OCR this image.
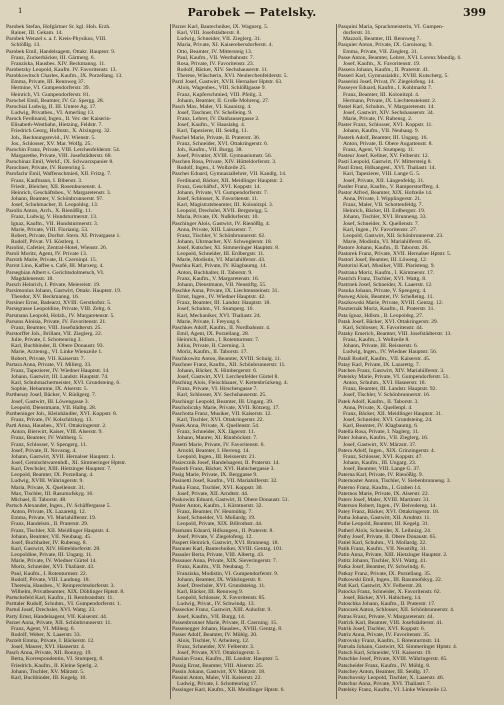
1	Parobek — Patelsky.	399
Parobek Stefan, Hofgärtner Sr. kgl. Hoh. Erzh.
Rainer, III. Gekam. 14.
Parobek Wenzel s. a. f. Kreis-Physikus, VIII.
Schlößlg. 13.
Parobek Emil, Handelsagent, Ottakr. Hauptstr. 9.
Franz, Zuckerbäcker, III. Gärtnerg. 6.
Franziska, Hausbes. XIV. Beckmanng. 11.
Parobetzky Leopold, Kaufm. IV. Favoritenstr. 13.
Parobkowitsch Charles, Kaufm., IX. Porzellang. 13.
Emma, Private, III. Rennweg 37.
Hermine, VI. Gumpendorferstr. 39.
Heinrich, VI. Gumpendorferstr. 81.
Parochel Emil, Beamter, IV. Gr. Spergg. 28.
Parochial Ludwig, II. III. Untere Ag. 17.
Ludwig, Privatbes., VI. Amerling 13.
Parock Ferdinand, Ingen., II. Ver. der Kaiserin-
Elisabeth-Westbahn, Hietzing, Feldstr. 7.
Friedrich Georg, Hofmstr., X. Alxingerg. 32.
Joh., Rechnungsrevid., IV. Wienstr. 5.
Jos., Schlosser, XV. Mar. Wolfg. 25.
Parochin Franz, Private, VIII. Lerchenfelderstr. 54.
Margarethe, Private, VIII. Josefstädterstr. 68.
Parochinaz Emil, Werkf., IX. Schwarzspanier 8.
Parochner, Private, IV. Rotenring 5.
Parofachr Emil, Waffenschmied, XII. Fritzg. 7.
Franz, Kaufmann, I. Biberstr. 3.
Friedr., Bleicher, XII. Rosenbursenstr. 4.
Heinrich, Geschäftsbes., V. Margaretenstr. 3.
Johann, Beamter, V. Schönbrunnerstr. 97.
Josef, Schuhmacher, II. Leopoldsg. 13.
Parolin Anton, Arch., X. Rienößlg. 11.
Franz, Ludwig, V. Hundsturmerstr. 13.
Ignaz, Kaufm., VII. Hundsturmerstr. 3.
Marie, Private, VIII. Florianig. 53.
Robert, Private, Dorfstr. Stern. XI. Privatgasse 1.
Rudolf, Privat. VI. Köstlerg. 1.
Parolini, Cafetier, Zentral-Hotel, Wienstr. 26.
Paroli Moritz, Agent, IV. Private 13.
Parroth Marie, Private, II. Czerninpl. 15.
Parrot Lino, Kaffee s. Café, III. Marxerg. 4.
Parseghian Albert s. Gerichtsdolmetsch, VI.
Magdalenenstr. 18.
Parsch Heinrich, I. Private, Meiereistr. 19.
Parsimonius Johann, Gastwirt, Ottakr. Hauptstr. 19.
Theodor, XV. Beckmanng. 16.
Parsiner Ernst, Badearzt, XVIII. Gersthofstr. 5.
Parsegrasse Leopoldine, Private, VIII. Zeltg. 6.
Parsmann Leopold, Holzh., IV. Margaretenstr. 5.
Parsons Aloisia, Private, IV. Favoritenstr. 21.
Franz, Beamter, VIII. Josefstädterstr. 25.
Parstorffer Joh., Brillant, VII. Zieglerg. 22.
Julie, Private, I. Schottenring 3.
Karl, Buchbinder, II. Obere Donaustr. 93.
Marie, Ärztensg., VI. Linke Wienzeile 1.
Robert, Private, VII. Kaiserstr. 7.
Partara Anna, Private, VI. Millerg. 33.
Franz, Tapezierer, IV. Wiedner Hauptstr. 14.
Johann, Gastwirt, III. Landstr. Hauptstr. 74.
Karl, Schuhmachermeister, XVI. Grundsteing. 6.
Sophie, Hebamme, IX. Alserstr. 5.
Parthenay Josef, Bäcker, V. Rüdigerg. 7.
Josef, Gastwirt, III. Löwengasse 3.
Leopold, Dienstmann, VII. Halbg. 28.
Partheninger Joh., Kleinhändler, XVI. Koppstr. 8.
Franz, Private, IV. Kolschitzkyg. 13.
Partl Anna, Hausbes., XVI. Ottakringerstr. 2.
Anton, Bierwirt, Kaiser, VIII. Alserstr. 9.
Franz, Beamter, IV. Waltherg. 5.
Franz, Schlosser, V. Spengerg. 11.
Josef, Private, II. Novarag. 4.
Johann, Gastwirt, XVII. Hernalser Hauptstr. 1.
Josef, Gemischtwarenhdl., XI. Simmeringer Hptstr.
Karl, Drechsler, XIII. Hietzinger Hauptstr. 7.
Leopold, Beamter, IX. Porzellang. 4.
Ludwig, XVIII. Währingerstr. 9.
Maria, Private, X. Quellenstr. 31.
Max, Tischler, III. Rasumofskyg. 16.
Michael, II. Taborstr. 48.
Partsch Alexander, Ingen., IV. Schäffergasse 5.
Anton, Private, IX. Lazarettg. 12.
Emma, Private, VI. Mariahilferstr. 19.
Franz, Handelsm., II. Praterstr. 29.
Franz, Tischler, XII. Meidlinger Hauptstr. 4.
Johann, Beamter, VII. Neubaug. 45.
Josef, Buchhalter, IV. Rubensg. 8.
Karl, Gastwirt, XIV. Hütteldorferstr. 28.
Leopoldine, Private, III. Ungarg. 11.
Marie, Private, IV. Wiedner Gürtel 14.
Moriz, Schneider, XVI. Thaliastr. 43.
Paul, Kaufm., I. Rotenturmstr. 22.
Rudolf, Private, VIII. Laudong. 18.
Theresia, Hausbes., V. Reinprechtsdorferstr. 3.
Wilhelm, Privatbeamter, XIX. Döblinger Hptstr. 8.
Partschefeld Karl, Kaufm., II. Rembrandtstr. 11.
Parttaler Rudolf, Schuhm., VI. Gumpendorferstr. 1.
Partuš Josef, Drechsler, XVI. Wattg. 23.
Party Ernst, Handelsagent, VII. Kaiserstr. 44.
Parzer Anna, Private, XII. Schönbrunnerstr. 11.
Franz, Agent, VI. Millerg. 6.
Rudolf, Weber, X. Laaerstr. 33.
Parzelt Emma, Private, I. Bäckerstr. 12.
Josef, Maurer, XVI. Hasnerstr. 4.
Pasch Anna, Private, XII. Bonnyg. 19.
Berta, Korrespondentin, VI. Stumperg. 8.
Friedrich, Kaufm., II. Kleine Sperlg. 2.
Johann, Tischler, XV. Märzstr. 5.
Karl, Buchbinder, III. Kegelg. 10.
Parzer Karl, Bautechniker, IX. Wagnerg. 5.
Karl, VIII. Josefstädterstr. 8.
Ludwig, Schneider, VII. Zieglerg. 31.
Maria, Private, XI. Kaiserebersdorferstr. 4.
Otto, Beamter, IV. Mittersteig 13.
Paul, Kaufm., VII. Westbahnstr. 7.
Rosa, Private, IV. Favoritenstr. 23.
Rudolf, Bäcker, XIV. Sechshauserstr. 11.
Therese, Wäscherin, XVI. Neulerchenfelderstr. 5.
Parzl Josef, Gastwirt, XVII. Hernalser Hptstr. 63.
Alois, Wagenbes., VIII. Schlößlgasse 9.
Franz, Kupferschmied, VIII. Pfeilg. 3.
Johann, Beamter, II. Große Mohreng. 27.
Pasch Max, Maler, VI. Kaunitzg. 4.
Josef, Taschner, IV. Schelleing. 9.
Franz, Lehrer, IV. Danhausergasse 2.
Josef, Kaufm., V. Hauslabg. 4.
Karl, Tapezierer, III. Seidlg. 11.
Paschel Marie, Private, II. Praterstr. 36.
Franz, Schneider, XVI. Ottakringerstr. 6.
Joh., Kaufm., VII. Burgg. 38.
Josef, Privatier, XVIII. Gymnasiumstr. 56.
Paschen Rosa, Private, XIV. Hütteldorferstr. 3.
Rudolf, Ingen., I. Wollzeile 25.
Pascher Eduard, Gymnasiallehrer, VII. Kandlg. 14.
Ferdinand, Bäcker, XII. Meidlinger Hauptstr. 2.
Franz, Geschäftsf., XVI. Koppstr. 14.
Johann, Private, VI. Gumpendorferstr. 7.
Josef, Schlosser, X. Favoritenstr. 11.
Karl, Magistratsbeamter, III. Kolonitzpl. 3.
Leopold, Drechsler, XVII. Bergsteigg. 5.
Maria, Private, IX. Nußdorferstr. 10.
Paschinger Alois, Gastwirt, IV. Rienößlg. 4.
Anna, Private, XIII. Lainzerstr. 7.
Franz, Tischler, V. Schönbrunnerstr. 62.
Johann, Uhrmacher, XV. Schweglerstr. 18.
Josef, Kutscher, XI. Simmeringer Hauptstr. 8.
Leopold, Schneider, III. Erdbergstr. 11.
Marie, Modistin, VI. Mariahilferstr. 43.
Paschka Karl, Private, IV. Klagbaumg. 14.
Anton, Buchhalter, II. Taborstr. 9.
Franz, Kaufm., V. Margaretenstr. 16.
Johann, Dienstmann, VII. Neustiftg. 55.
Paschke Anna, Private, IX. Liechtensteinstr. 31.
Ernst, Ingen., IV. Wiedner Hauptstr. 42.
Franz, Beamter, III. Landstr. Hauptstr. 18.
Josef, Schuhm., VI. Stumperg. 16.
Karl, Mechaniker, XVI. Thaliastr. 24.
Marie, Private, I. Freyung 6.
Paschkes Adolf, Kaufm., II. Nordbahnstr. 4.
Emil, Agent, IX. Porzellang. 28.
Heinrich, Hdlsm., I. Rotenturmstr. 7.
Julius, Private, II. Czerning. 3.
Moriz, Kaufm., II. Taborstr. 17.
Paschkowitz Anton, Beamter, XVIII. Schulg. 11.
Paschner Franz, Kaufm., XII. Schönbrunnerstr. 11.
Johann, Bäcker, X. Himbergerstr. 6.
Josef, Gastwirt, XVI. Lerchenfelder Gürtel 8.
Pasching Alois, Fleischhauer, V. Kettenbrückeng. 4.
Franz, Private, VI. Hirschengasse 7.
Karl, Schlosser, XV. Sechshauserstr. 25.
Paschingr Leopold, Beamter, III. Ungarg. 39.
Pascholiczky Marie, Private, XVII. Rötzerg. 17.
Paschotta Franz, Musiker, VII. Kaiserstr. 12.
Karl, Tischler, XVI. Ottakringerstr. 22.
Pasek Anna, Private, X. Quellenstr. 54.
Franz, Schneider, XX. Jägerstr. 11.
Johann, Maurer, XI. Rinnböckstr. 7.
Pasetti Marie, Private, IV. Favoritenstr. 6.
Arnold, Beamter, I. Herreng. 14.
Leopold, Ingen., III. Reisnerstr. 21.
Pasiecznik Josef, Handelsagent, II. Praterstr. 14.
Pasierb Franz, Bäcker, XVI. Habichergasse 3.
Pasig Marie, Private, IX. Berggasse 9.
Pasinetti Josef, Kaufm., VII. Mariahilferstr. 32.
Paska Franz, Tischler, XVI. Koppstr. 30.
Josef, Private, XII. Arndtstr. 44.
Paskowitz Eduard, Gastwirt, II. Obere Donaustr. 51.
Pasler Anton, Kaufm., I. Kärntnerstr. 32.
Franz, Beamter, IV. Heumühlg. 7.
Josef, Schneider, VI. Mollardg. 19.
Leopold, Private, XIX. Billrothstr. 44.
Pasmann Eduard, Hdlsangest., II. Praterstr. 8.
Josef, Private, V. Ziegelofeng. 12.
Paspert Heinrich, Gastwirt, XVI. Brunneng. 18.
Pasrauer Karl, Bautechniker, XVIII. Gentzg. 101.
Passaler Berta, Private, VIII. Albertg. 43.
Passauer Anna, Private, XIX. Sieveringerstr. 7.
Franz, Kaufm., VII. Neubaug. 7.
Franziska, Modistin, VI. Gumpendorferstr. 9.
Johann, Beamter, IX. Währingerstr. 8.
Josef, Drechsler, XVI. Grundsteing. 11.
Karl, Bäcker, III. Rennweg 9.
Leopold, Schlosser, X. Favoritenstr. 85.
Ludwig, Privat., IV. Schwindg. 13.
Passecker Franz, Gastwirt, XIII. Auhofstr. 9.
Josef, Kaufm., VII. Burgg. 14.
Passenbrunner Marie, Private, II. Czerning. 15.
Passenegger Johann, Hausbes., XVIII. Gentzg. 8.
Passer Adolf, Beamter, IV. Mühlg. 20.
Alois, Tischler, V. Arbeiterg. 12.
Franz, Schneider, XV. Felberstr. 3.
Josef, Private, XVI. Ottakringerstr. 5.
Passian Franz, Kaufm., III. Landstr. Hauptstr. 5.
Passig Ernst, Beamter, VIII. Alserstr. 25.
Passin Johann, Gastwirt, XV. Märzstr. 18.
Passini Anton, Maler, VII. Kaiserstr. 22.
Ludwig, Private, I. Schottenring 17.
Passinger Karl, Kaufm., XII. Meidlinger Hptstr. 6.
Pasquini Maria, Sprachmeisterin, VI. Gumpen-
dorferstr. 31.
Mazzoli, Beamter, III. Rennweg 7.
Pasquier Anton, Private, IX. Garnisong. 9.
Emma, Private, VII. Zieglerg. 31.
Passe Anton, Beamter, Lehrer, XVI. Lorenz Mandlg. 6.
Josef, Kaufm., X. Favoritenstr. 19.
Passera Johann, Kaufm., II. Praterstr. 41.
Passeri Karl, Gymnasialdir., XVIII. Kutscherg. 5.
Passerini Josef, Privat, IV. Ziegelofeng. 14.
Passeyer Eduard, Kaufm., I. Kohlmarkt 7.
Franz, Beamter, III. Kolonitzpl. 4.
Hermann, Private, IX. Liechtensteinstr. 2.
Pastel Karl, Schuhm., V. Margaretenstr. 14.
Josef, Gastwirt, XIV. Sechshauserstr. 34.
Marie, Private, IV. Rubensg. 2.
Paster Franz, Schlosser, XVI. Koppstr. 11.
Johann, Kaufm., VII. Neubaug. 9.
Pasterk Adolf, Beamter, III. Ungarg. 16.
Anton, Private, II. Obere Augartenstr. 8.
Franz, Agent, VI. Stumperg. 11.
Pasteur Josef, Kellner, XV. Felberstr. 12.
Pasti Leopold, Gastwirt, IV. Mittersteig 8.
Pastl Ernst, Hdlsangest., XVI. Thaliastr. 14.
Karl, Tapezierer, VIII. Lange G. 5.
Josef, Private, XII. Längenfeldg. 31.
Pastler Franz, Kaufm., V. Ramperstorfferg. 4.
Pastor Alfred, Beamter, XIX. Hofzeile 14.
Anna, Private, I. Wipplingerstr. 21.
Franz, Maler, VII. Schottenfeldg. 7.
Heinrich, Bäcker, III. Erdbergstr. 19.
Johann, Tischler, XVI. Brunneng. 33.
Josef, Schneider, X. Quellenstr. 7.
Karl, Ingen., IV. Favoritenstr. 27.
Leopold, Gastwirt, XII. Schönbrunnerstr. 23.
Marie, Modistin, VI. Mariahilferstr. 85.
Pastore Johann, Kaufm., II. Taborstr. 26.
Pastorek Franz, Private, XVII. Hernalser Hptstr. 5.
Pastori Josef, Beamter, III. Löweng. 12.
Pastorini Karl, Musiker, VIII. Piaristeng. 9.
Pastrana Moriz, Kaufm., I. Kärntnerstr. 17.
Pastrich Franz, Tischler, XVI. Wattg. 8.
Pastrnek Josef, Schneider, X. Laaerstr. 12.
Pasuka Johann, Private, V. Spengerg. 4.
Pasweg Alois, Beamter, IV. Schelleing. 11.
Paszkowski Marie, Private, XVIII. Gentzg. 12.
Paszternák Moriz, Kaufm., II. Praterstr. 31.
Pata Ignaz, Hdlsm., II. Leopoldsg. 27.
Patak Josef, Bäcker, XVI. Ottakringerstr. 29.
Karl, Schlosser, X. Favoritenstr. 44.
Pataky Emerich, Beamter, VIII. Josefstädterstr. 13.
Franz, Kaufm., I. Wollzeile 8.
Johann, Private, III. Reisnerstr. 6.
Ludwig, Ingen., IV. Wiedner Hauptstr. 56.
Patall Rudolf, Kaufm., VII. Kaiserstr. 45.
Patay Karl, Private, IX. Lazarettg. 7.
Patchen Franz, Gastwirt, XIV. Mariahilferstr. 3.
Pateisky Marie, Private, VI. Gumpendorferstr. 51.
Anton, Schuhm., XVI. Hasnerstr. 18.
Franz, Beamter, III. Landstr. Hauptstr. 92.
Josef, Tischler, V. Schönbrunnerstr. 16.
Patek Adolf, Kaufm., II. Taborstr. 3.
Anna, Private, X. Quellenpl. 4.
Franz, Bäcker, XII. Meidlinger Hauptstr. 31.
Josef, Schneider, XVI. Grundsteing. 24.
Karl, Beamter, IV. Klagbaumg. 6.
Patella Rosa, Private, I. Naglerg. 11.
Pater Johann, Kaufm., VII. Zieglerg. 16.
Josef, Gastwirt, XV. Märzstr. 37.
Patera Adolf, Ingen., XIX. Grinzingerstr. 4.
Franz, Schlosser, XVI. Koppstr. 47.
Johann, Kaufm., III. Ungarg. 23.
Josef, Beamter, VIII. Lange G. 37.
Paterna Karl, Private, IV. Rienößlg. 9.
Paternoster Anton, Tischler, V. Siebenbrunneng. 3.
Paterno Franz, Kaufm., I. Graben 14.
Paternos Marie, Private, IX. Alserstr. 22.
Paters Josef, Maler, XVIII. Martinstr. 31.
Paterson Robert, Ingen., IV. Belvedereg. 14.
Patey Franz, Bäcker, XVI. Ottakringerstr. 18.
Patha Johann, Gastwirt, XII. Arndtstr. 11.
Pathe Leopold, Beamter, III. Kegelg. 31.
Patherl Alois, Schneider, X. Leibnizg. 24.
Pathy Josef, Private, II. Obere Donaustr. 65.
Patiel Karl, Schuhm., VI. Mollardg. 22.
Patik Franz, Kaufm., VII. Neustiftg. 31.
Patin Anna, Private, XIII. Hietzinger Hauptstr. 2.
Patitz Johann, Tischler, XVI. Wattg. 41.
Patka Josef, Beamter, IV. Schwindg. 6.
Patkay Franz, Private, IX. Porzellang. 35.
Patkowski Emil, Ingen., III. Rasumofskyg. 22.
Patl Karl, Gastwirt, XV. Felberstr. 28.
Patocka Franz, Schneider, X. Favoritenstr. 62.
Josef, Bäcker, XVI. Habicherg. 14.
Patoschka Johann, Kaufm., II. Praterstr. 17.
Patoczek Anton, Schlosser, XII. Schönbrunnerstr. 4.
Patras Franz, Private, V. Margaretenstr. 44.
Patrick Karl, Beamter, VIII. Josefstädterstr. 41.
Patrik Josef, Tischler, XVI. Koppstr. 6.
Patriz Anna, Private, IV. Favoritenstr. 35.
Patrovsky Franz, Kaufm., I. Rotenturmstr. 14.
Patruda Johann, Gastwirt, XI. Simmeringer Hptstr. 4.
Patsch Karl, Schneider, VII. Kaiserstr. 19.
Patschke Josef, Private, XVIII. Währingerstr. 65.
Patscheider Franz, Kaufm., IV. Mühlg. 8.
Patschey Anton, Beamter, III. Seidlg. 17.
Patschovsky Leopold, Tischler, X. Laaerstr. 46.
Patschur Anna, Private, XVI. Thaliastr. 7.
Patelsky Franz, Kaufm., VI. Linke Wienzeile 12.
